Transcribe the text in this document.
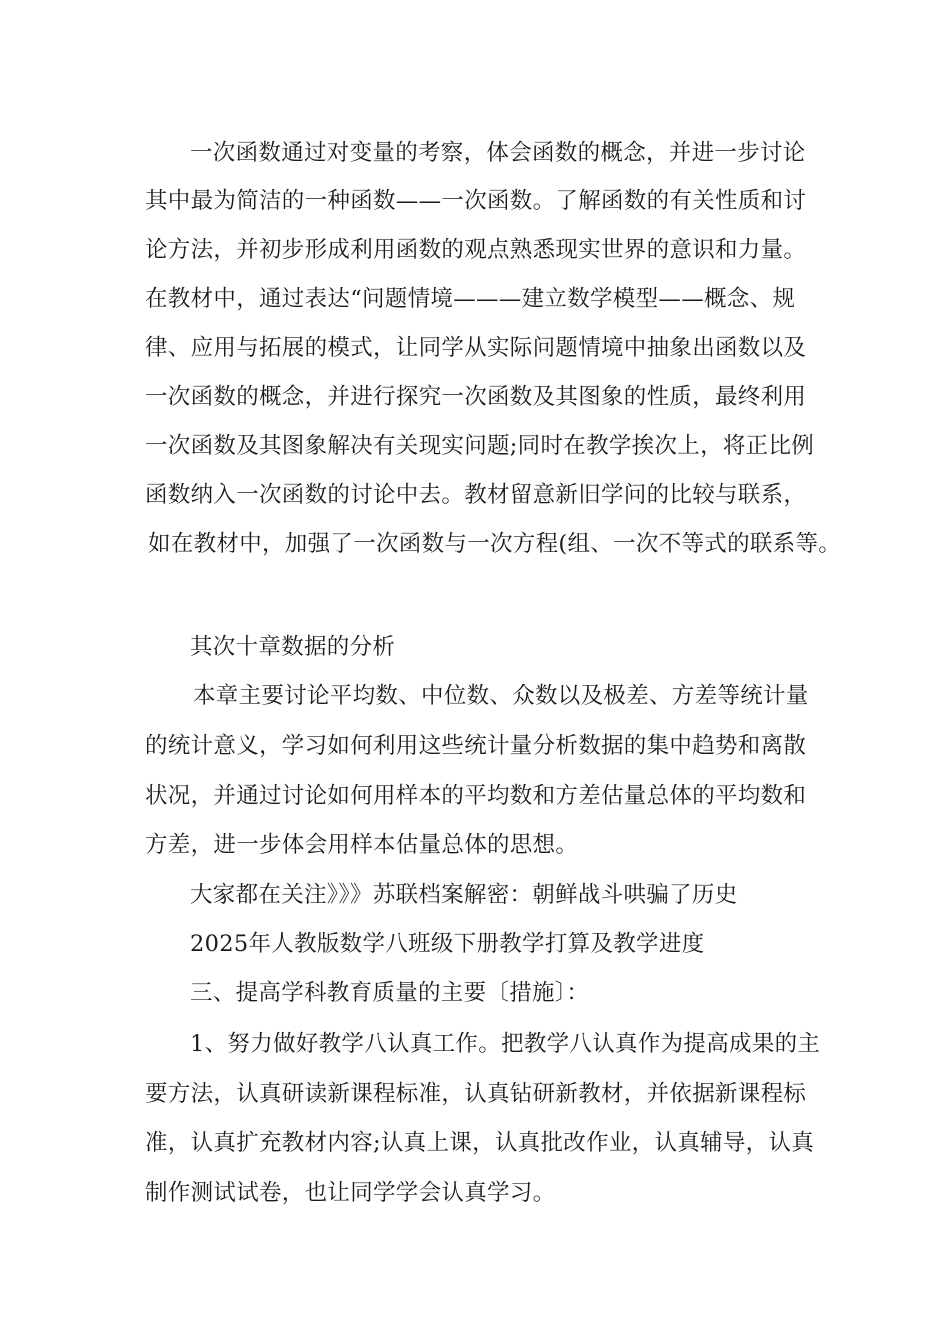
一次函数通过对变量的考察，体会函数的概念，并进一步讨论
其中最为简洁的一种函数——一次函数。了解函数的有关性质和讨
论方法，并初步形成利用函数的观点熟悉现实世界的意识和力量。
在教材中，通过表达“问题情境———建立数学模型——概念、规
律、应用与拓展的模式，让同学从实际问题情境中抽象出函数以及
一次函数的概念，并进行探究一次函数及其图象的性质，最终利用
一次函数及其图象解决有关现实问题;同时在教学挨次上，将正比例
函数纳入一次函数的讨论中去。教材留意新旧学问的比较与联系，
如在教材中，加强了一次函数与一次方程(组、一次不等式的联系等。
其次十章数据的分析
本章主要讨论平均数、中位数、众数以及极差、方差等统计量
的统计意义，学习如何利用这些统计量分析数据的集中趋势和离散
状况，并通过讨论如何用样本的平均数和方差估量总体的平均数和
方差，进一步体会用样本估量总体的思想。
大家都在关注》》》苏联档案解密：朝鲜战斗哄骗了历史
2025年人教版数学八班级下册教学打算及教学进度
三、提高学科教育质量的主要〔措施〕：
1、努力做好教学八认真工作。把教学八认真作为提高成果的主
要方法，认真研读新课程标准，认真钻研新教材，并依据新课程标
准，认真扩充教材内容;认真上课，认真批改作业，认真辅导，认真
制作测试试卷，也让同学学会认真学习。
